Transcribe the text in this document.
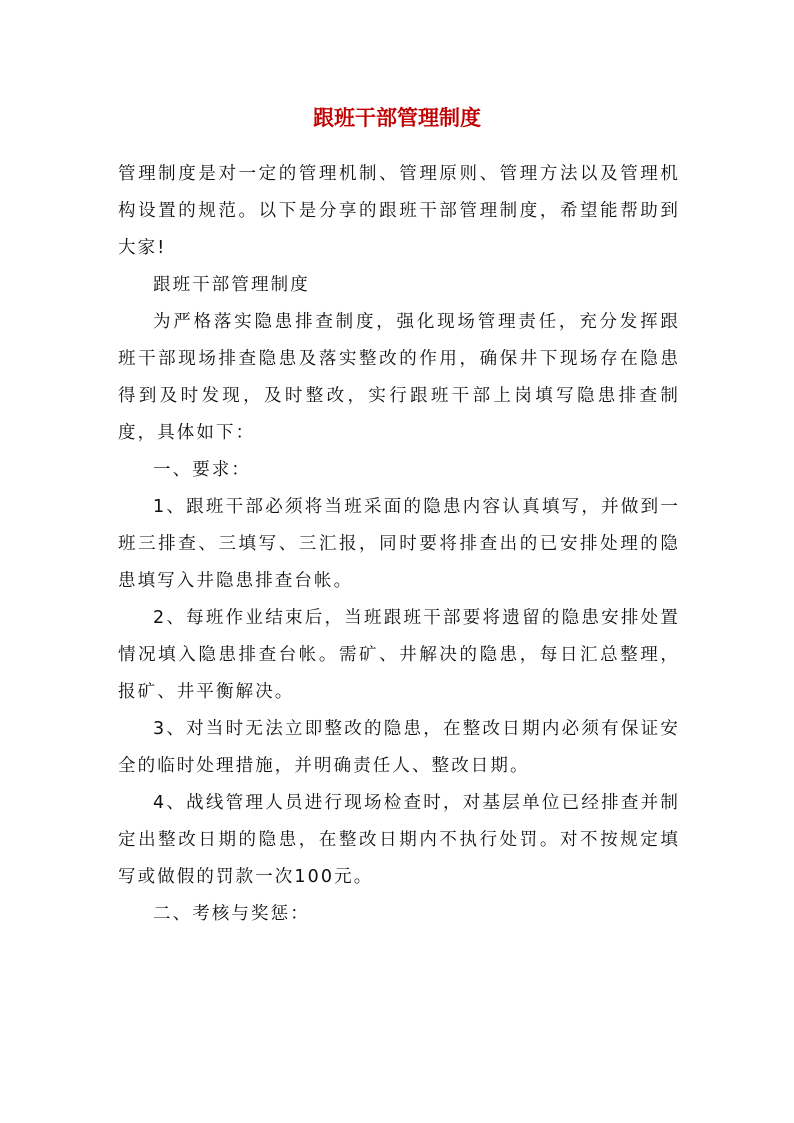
跟班干部管理制度

管理制度是对一定的管理机制、管理原则、管理方法以及管理机构设置的规范。以下是分享的跟班干部管理制度，希望能帮助到大家!

跟班干部管理制度

为严格落实隐患排查制度，强化现场管理责任，充分发挥跟班干部现场排查隐患及落实整改的作用，确保井下现场存在隐患得到及时发现，及时整改，实行跟班干部上岗填写隐患排查制度，具体如下：

一、要求：

1、跟班干部必须将当班采面的隐患内容认真填写，并做到一班三排查、三填写、三汇报，同时要将排查出的已安排处理的隐患填写入井隐患排查台帐。

2、每班作业结束后，当班跟班干部要将遗留的隐患安排处置情况填入隐患排查台帐。需矿、井解决的隐患，每日汇总整理，报矿、井平衡解决。

3、对当时无法立即整改的隐患，在整改日期内必须有保证安全的临时处理措施，并明确责任人、整改日期。

4、战线管理人员进行现场检查时，对基层单位已经排查并制定出整改日期的隐患，在整改日期内不执行处罚。对不按规定填写或做假的罚款一次100元。

二、考核与奖惩：
